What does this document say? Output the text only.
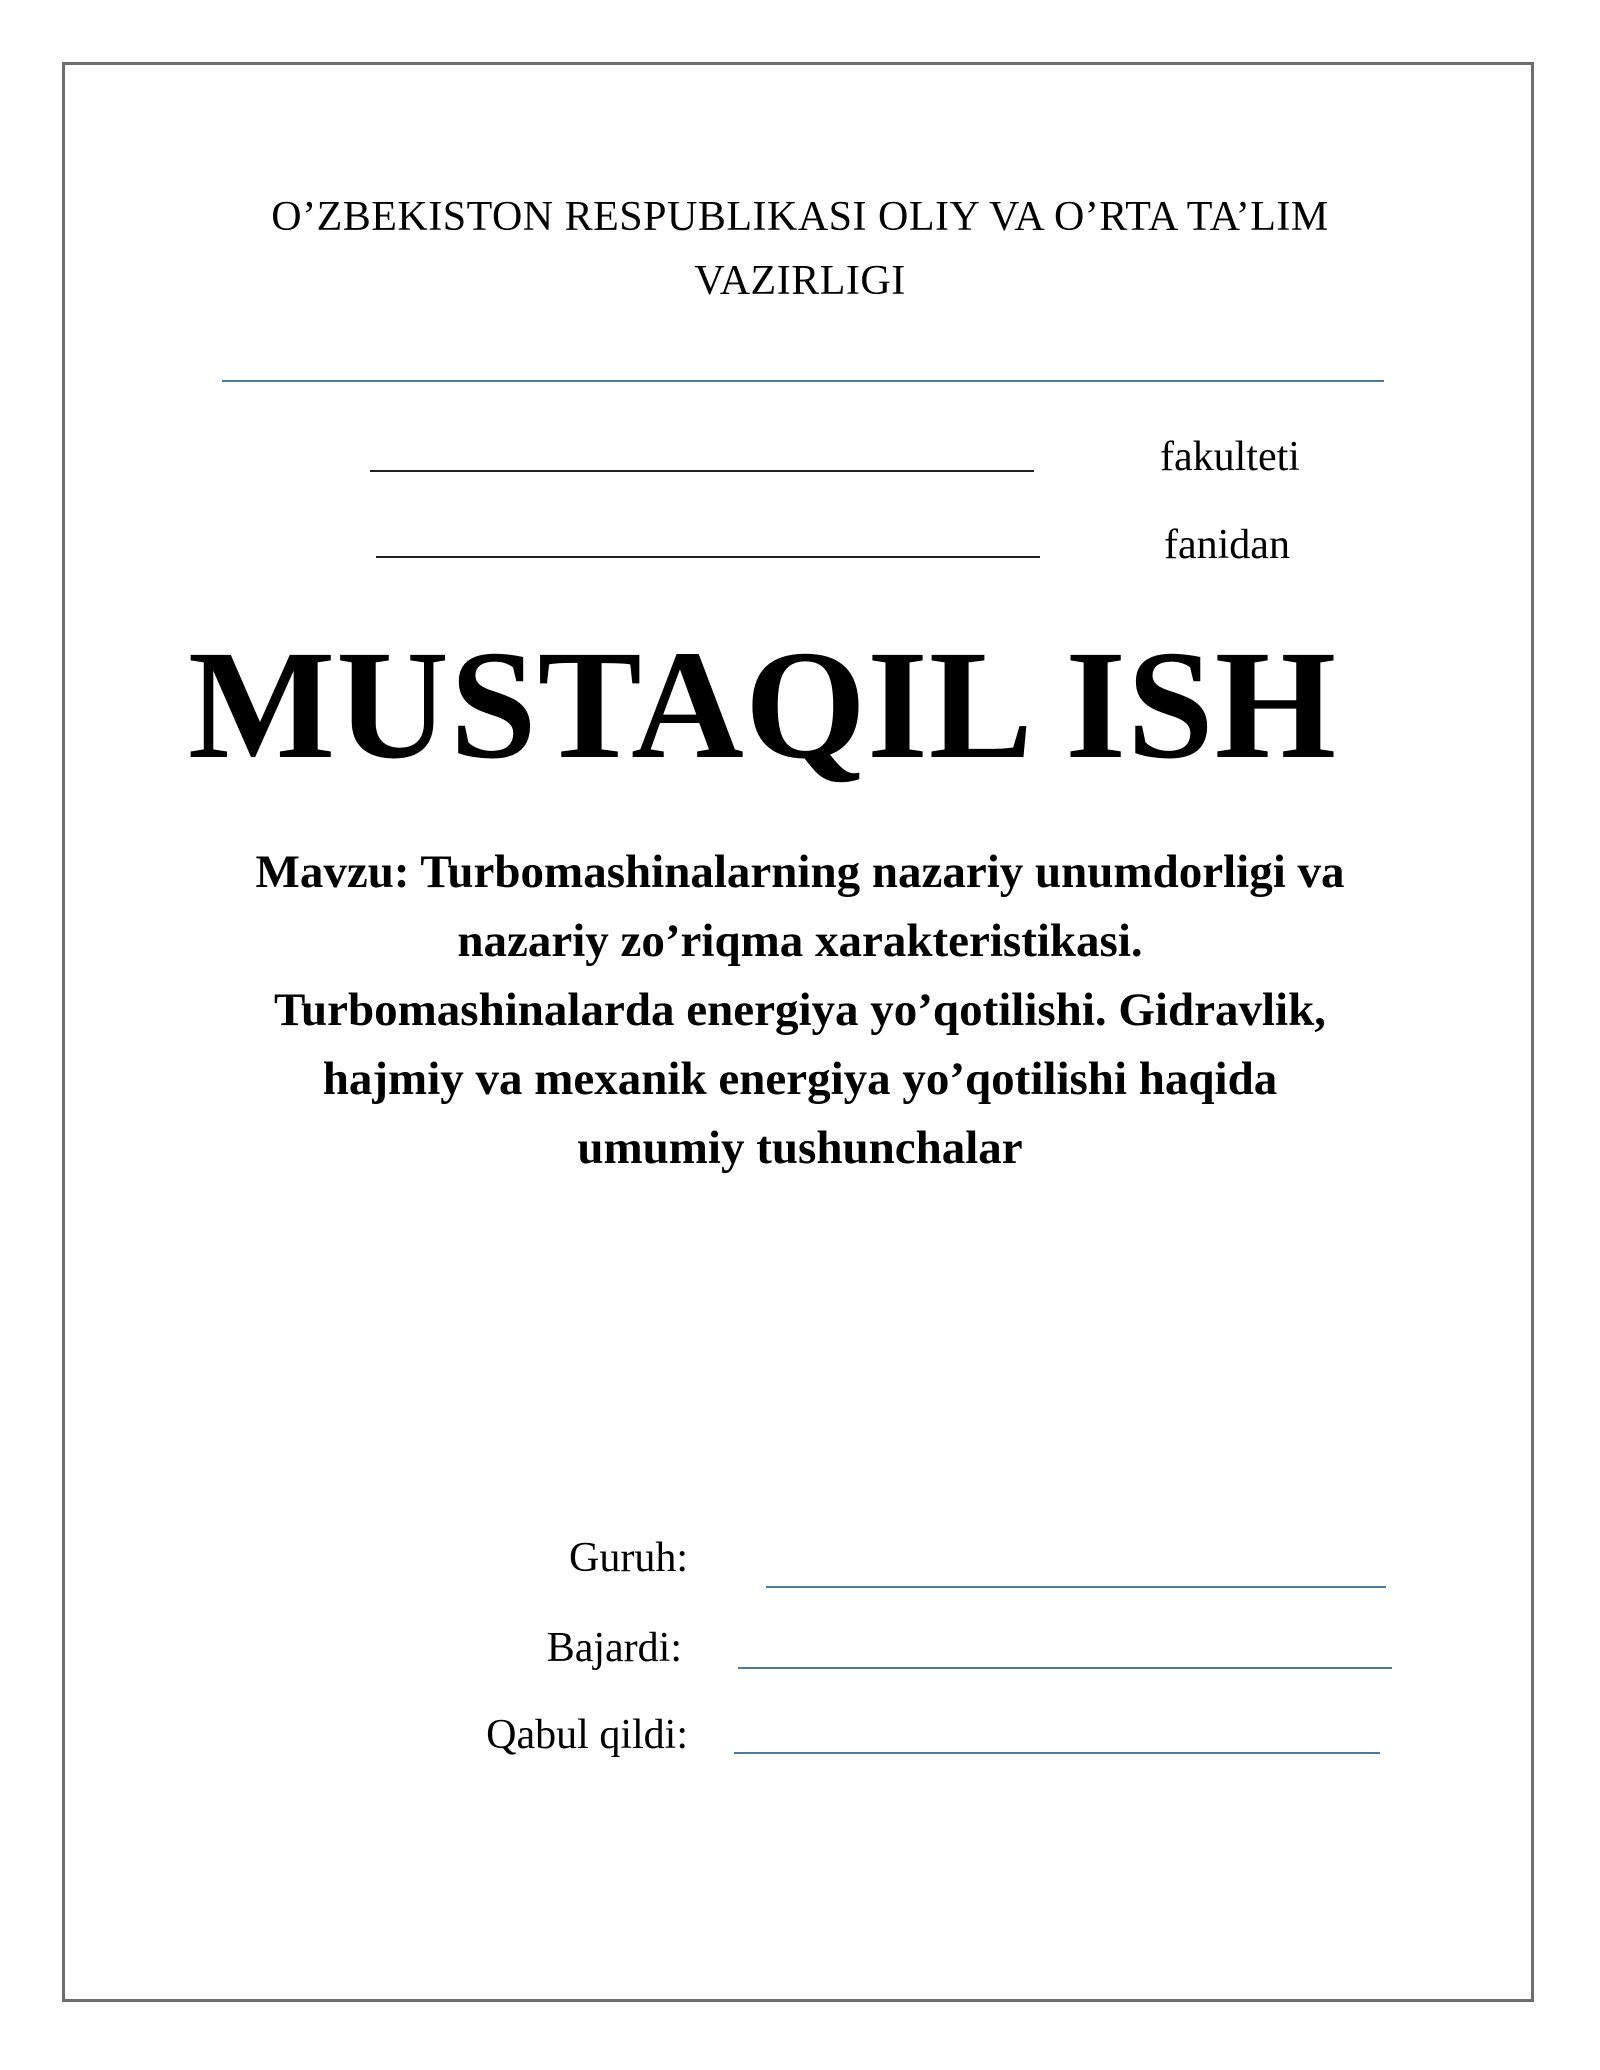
O’ZBEKISTON RESPUBLIKASI OLIY VA O’RTA TA’LIM
VAZIRLIGI
fakulteti
fanidan
MUSTAQIL ISH
Mavzu: Turbomashinalarning nazariy unumdorligi va
nazariy zo’riqma xarakteristikasi.
Turbomashinalarda energiya yo’qotilishi. Gidravlik,
hajmiy va mexanik energiya yo’qotilishi haqida
umumiy tushunchalar
Guruh:
Bajardi:
Qabul qildi:
